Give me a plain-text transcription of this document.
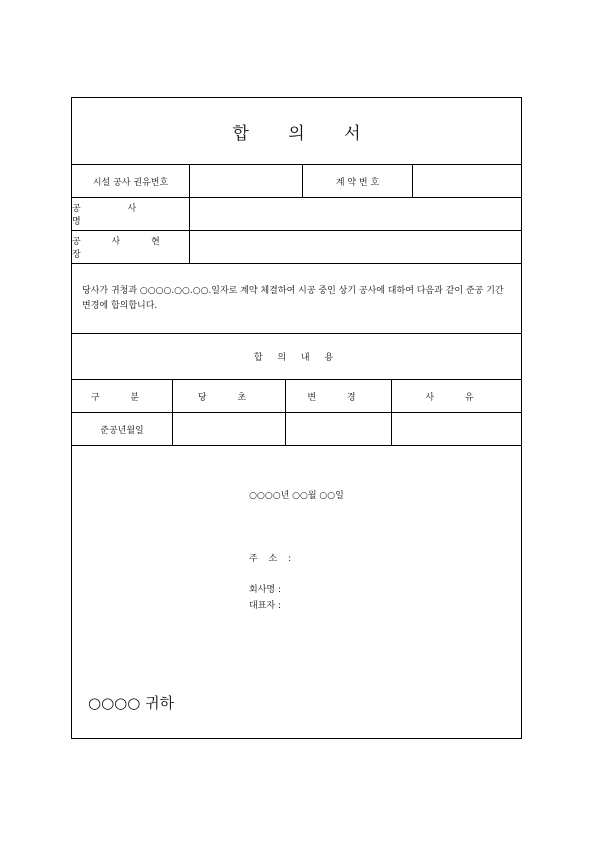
합 의 서
시설 공사 권유번호	계 약 번 호
공 사 명
공 사 현 장
당사가 귀청과 ○○○○.○○.○○.일자로 계약 체결하여 시공 중인 상기 공사에 대하여 다음과 같이 준공 기간 변경에 합의합니다.
합 의 내 용
구 분	당 초	변 경	사 유
준공년월일
○○○○년 ○○월 ○○일
주 소 :
회사명 :
대표자 :
○○○○ 귀하
